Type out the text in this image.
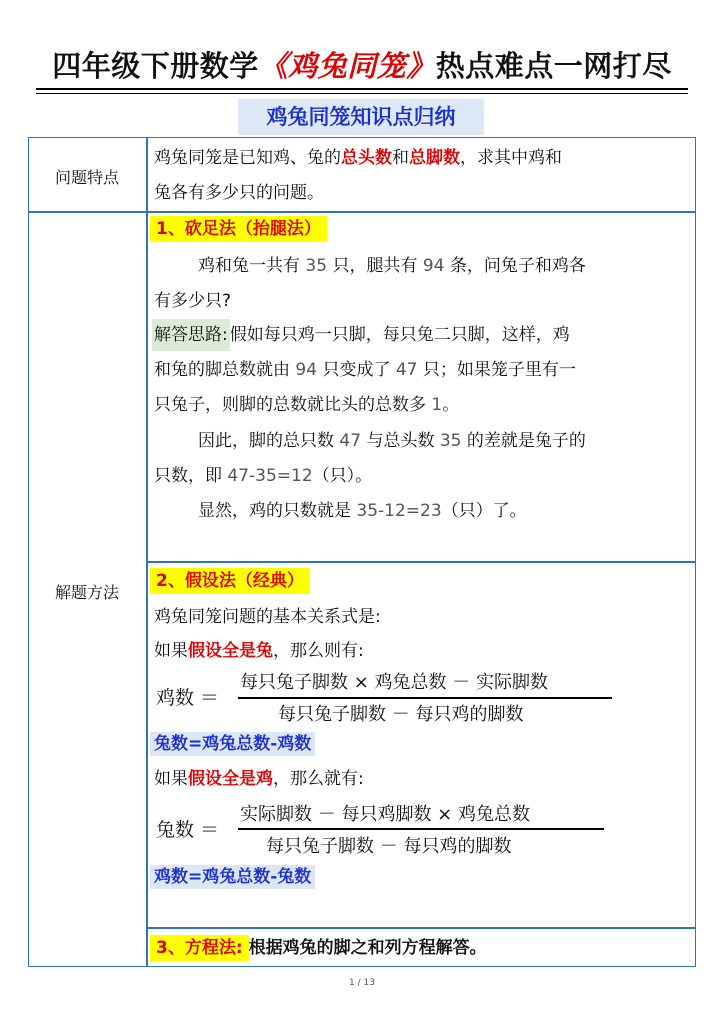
四年级下册数学《鸡兔同笼》热点难点一网打尽
鸡兔同笼知识点归纳
问题特点
鸡兔同笼是已知鸡、兔的总头数和总脚数，求其中鸡和
兔各有多少只的问题。
解题方法
1、砍足法（抬腿法）
鸡和兔一共有 35 只，腿共有 94 条，问兔子和鸡各
有多少只?
解答思路: 假如每只鸡一只脚，每只兔二只脚，这样，鸡
和兔的脚总数就由 94 只变成了 47 只；如果笼子里有一
只兔子，则脚的总数就比头的总数多 1。
因此，脚的总只数 47 与总头数 35 的差就是兔子的
只数，即 47-35=12（只）。
显然，鸡的只数就是 35-12=23（只）了。
2、假设法（经典）
鸡兔同笼问题的基本关系式是:
如果假设全是兔，那么则有:
鸡数 ＝
每只兔子脚数 × 鸡兔总数 － 实际脚数
每只兔子脚数 － 每只鸡的脚数
兔数=鸡兔总数-鸡数
如果假设全是鸡，那么就有:
兔数 ＝
实际脚数 － 每只鸡脚数 × 鸡兔总数
每只兔子脚数 － 每只鸡的脚数
鸡数=鸡兔总数-兔数
3、方程法: 根据鸡兔的脚之和列方程解答。
1 / 13
